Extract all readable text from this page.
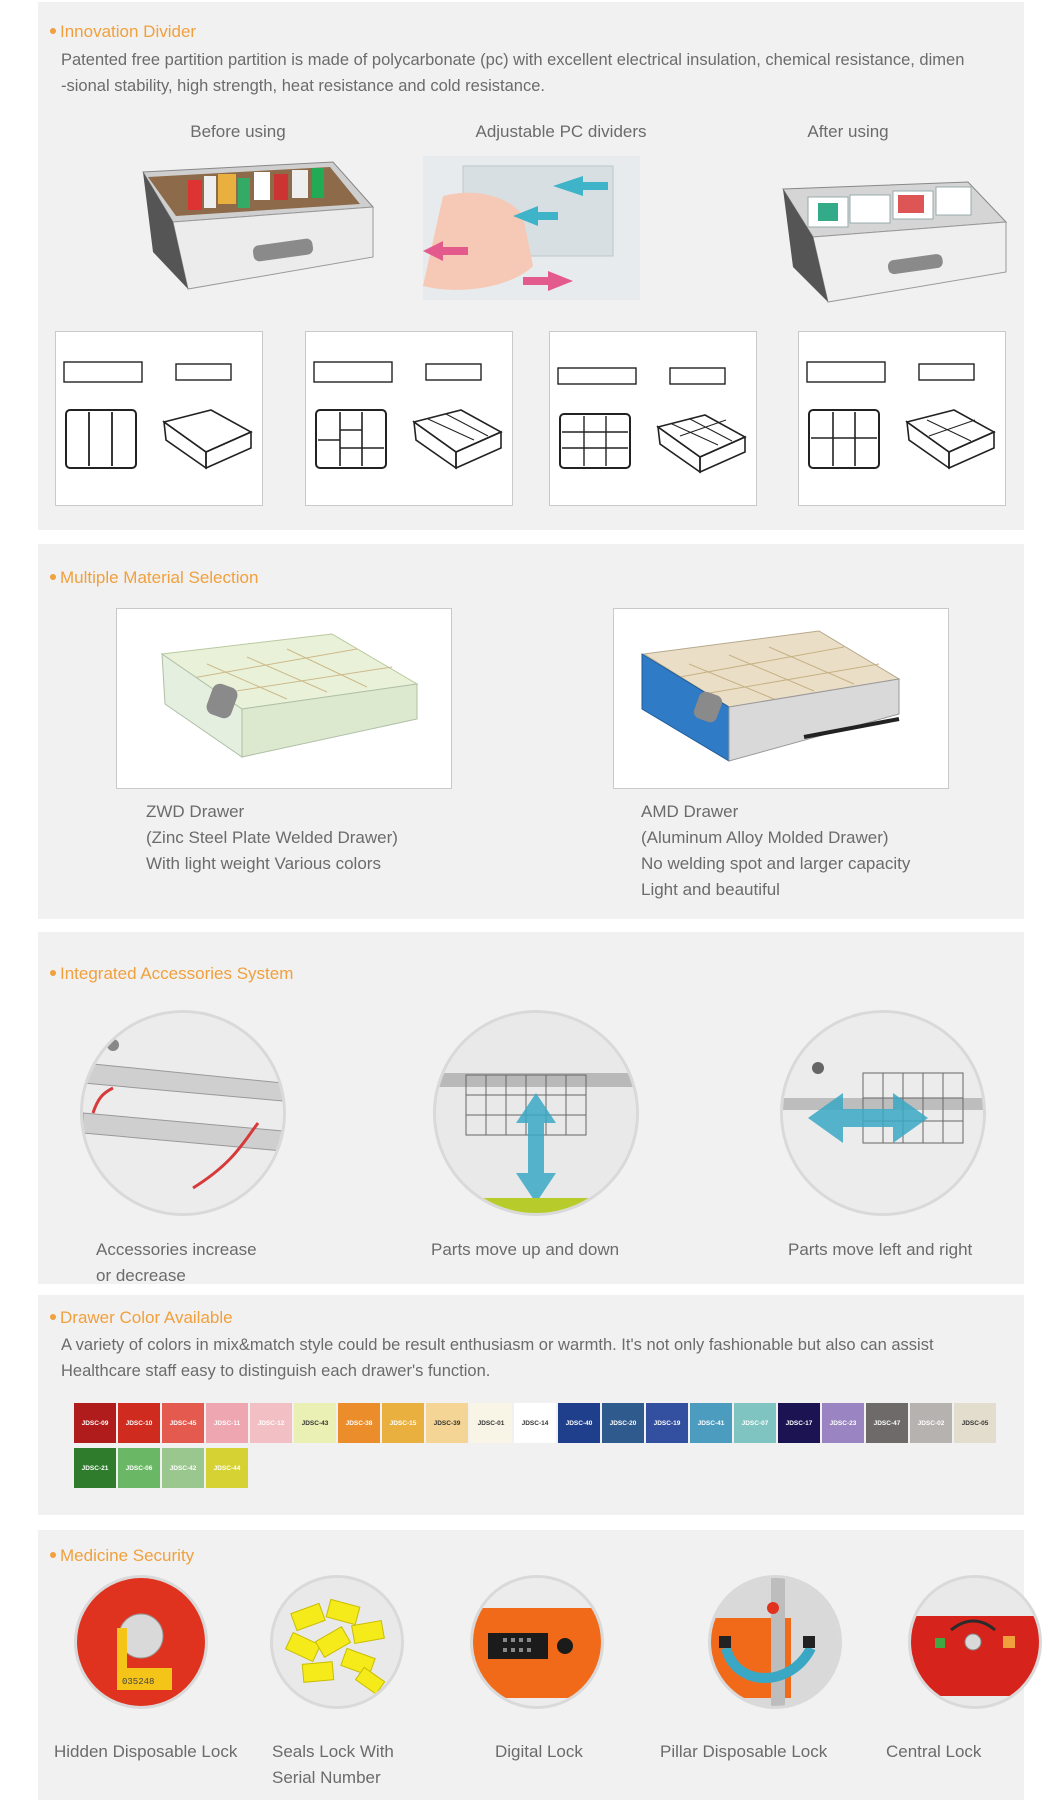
Innovation Divider
Patented free partition partition is made of polycarbonate (pc) with excellent electrical insulation, chemical resistance, dimen
-sional stability, high strength, heat resistance and cold resistance.
Before using	Adjustable PC dividers	After using
Multiple Material Selection
ZWD Drawer
(Zinc Steel Plate Welded Drawer)
With light weight Various colors
AMD Drawer
(Aluminum Alloy Molded Drawer)
No welding spot and larger capacity
Light and beautiful
Integrated Accessories System
Accessories increase
or decrease
Parts move up and down	Parts move left and right
Drawer Color Available
A variety of colors in mix&match style could be result enthusiasm or warmth. It's not only fashionable but also can assist
Healthcare staff easy to distinguish each drawer's function.
JDSC-09	JDSC-10	JDSC-45	JDSC-11	JDSC-12	JDSC-43	JDSC-38	JDSC-15	JDSC-39	JDSC-01	JDSC-14	JDSC-40	JDSC-20	JDSC-19	JDSC-41	JDSC-07	JDSC-17	JDSC-23	JDSC-47	JDSC-02	JDSC-05
JDSC-21	JDSC-06	JDSC-42	JDSC-44
Medicine Security
035248
Hidden Disposable Lock Seals Lock With
Serial Number
Digital Lock	Pillar Disposable Lock	Central Lock
